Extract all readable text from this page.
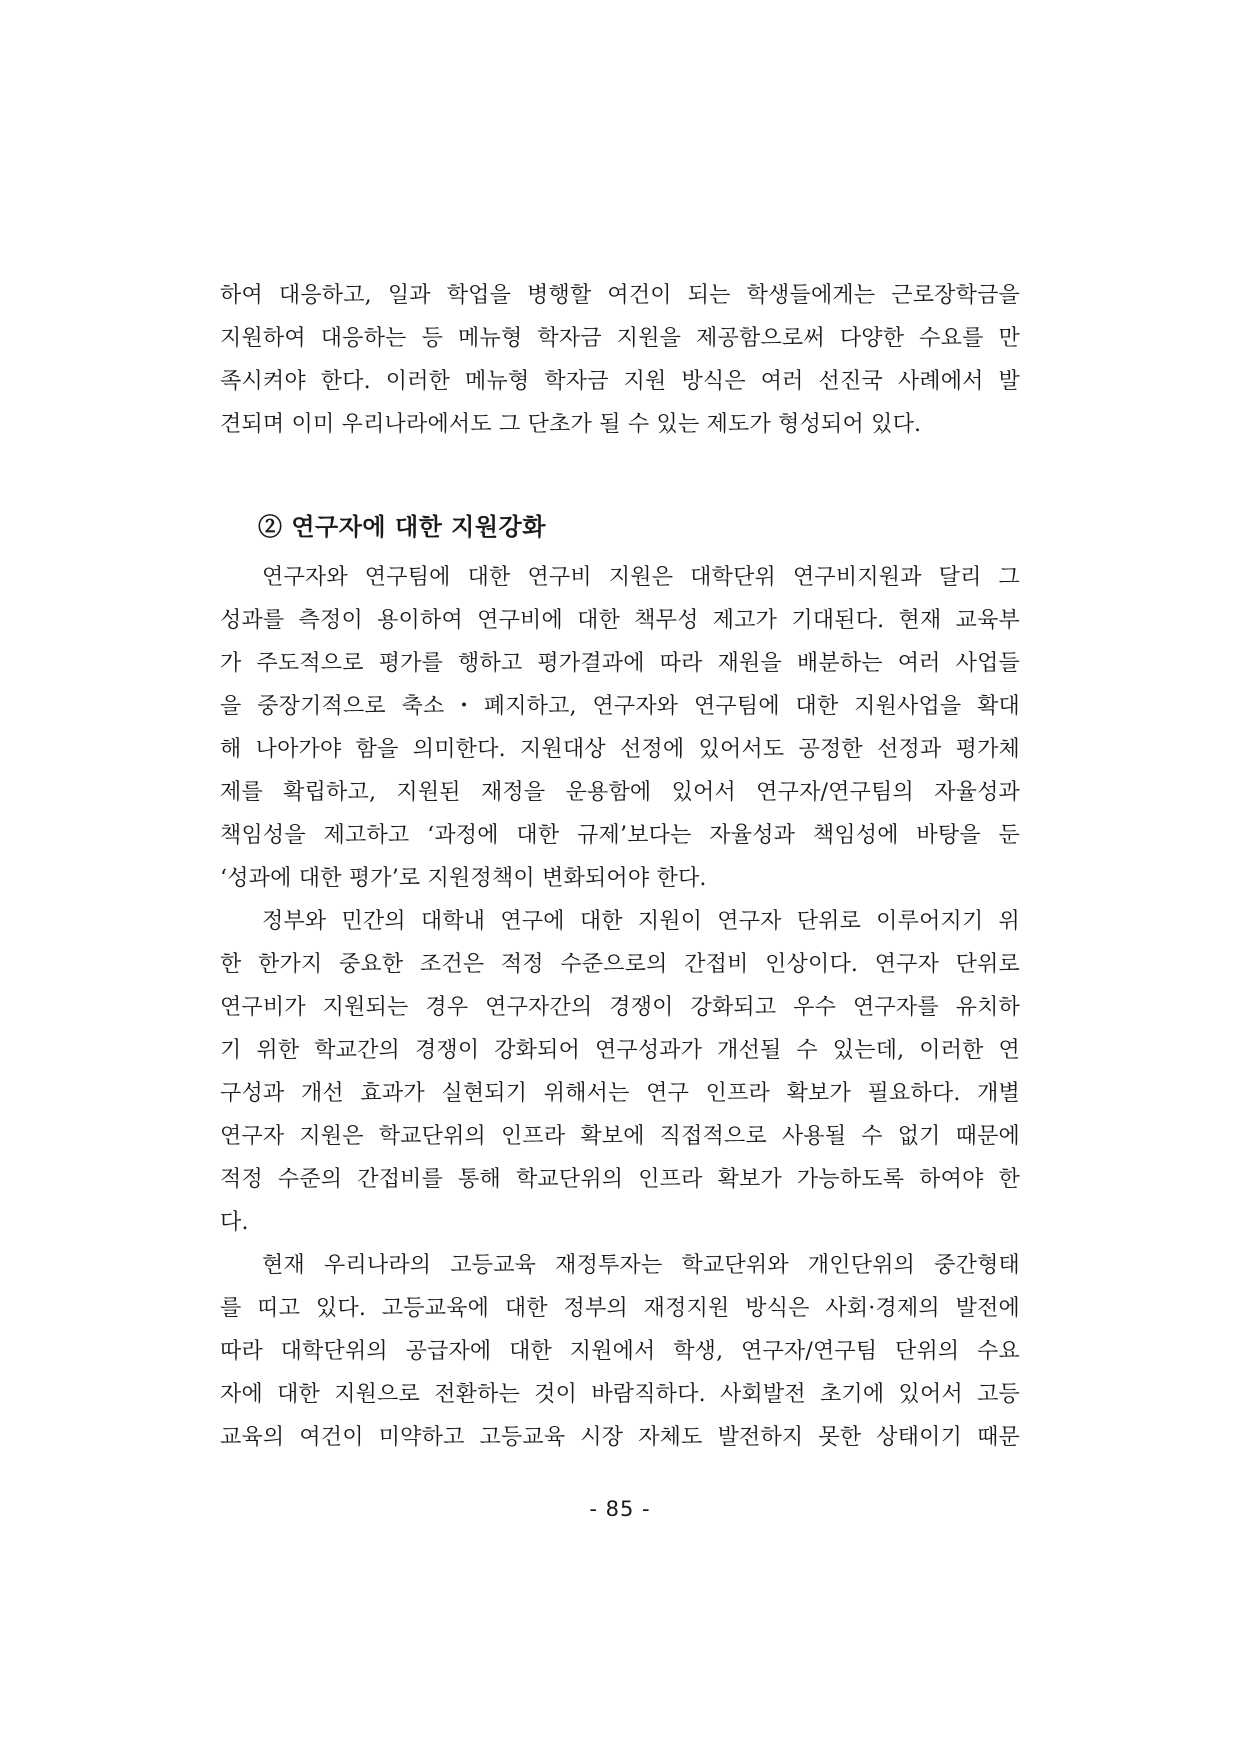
하여 대응하고, 일과 학업을 병행할 여건이 되는 학생들에게는 근로장학금을
지원하여 대응하는 등 메뉴형 학자금 지원을 제공함으로써 다양한 수요를 만
족시켜야 한다. 이러한 메뉴형 학자금 지원 방식은 여러 선진국 사례에서 발
견되며 이미 우리나라에서도 그 단초가 될 수 있는 제도가 형성되어 있다.
② 연구자에 대한 지원강화
연구자와 연구팀에 대한 연구비 지원은 대학단위 연구비지원과 달리 그
성과를 측정이 용이하여 연구비에 대한 책무성 제고가 기대된다. 현재 교육부
가 주도적으로 평가를 행하고 평가결과에 따라 재원을 배분하는 여러 사업들
을 중장기적으로 축소・폐지하고, 연구자와 연구팀에 대한 지원사업을 확대
해 나아가야 함을 의미한다. 지원대상 선정에 있어서도 공정한 선정과 평가체
제를 확립하고, 지원된 재정을 운용함에 있어서 연구자/연구팀의 자율성과
책임성을 제고하고 ‘과정에 대한 규제’보다는 자율성과 책임성에 바탕을 둔
‘성과에 대한 평가’로 지원정책이 변화되어야 한다.
정부와 민간의 대학내 연구에 대한 지원이 연구자 단위로 이루어지기 위
한 한가지 중요한 조건은 적정 수준으로의 간접비 인상이다. 연구자 단위로
연구비가 지원되는 경우 연구자간의 경쟁이 강화되고 우수 연구자를 유치하
기 위한 학교간의 경쟁이 강화되어 연구성과가 개선될 수 있는데, 이러한 연
구성과 개선 효과가 실현되기 위해서는 연구 인프라 확보가 필요하다. 개별
연구자 지원은 학교단위의 인프라 확보에 직접적으로 사용될 수 없기 때문에
적정 수준의 간접비를 통해 학교단위의 인프라 확보가 가능하도록 하여야 한
다.
현재 우리나라의 고등교육 재정투자는 학교단위와 개인단위의 중간형태
를 띠고 있다. 고등교육에 대한 정부의 재정지원 방식은 사회·경제의 발전에
따라 대학단위의 공급자에 대한 지원에서 학생, 연구자/연구팀 단위의 수요
자에 대한 지원으로 전환하는 것이 바람직하다. 사회발전 초기에 있어서 고등
교육의 여건이 미약하고 고등교육 시장 자체도 발전하지 못한 상태이기 때문
- 85 -
